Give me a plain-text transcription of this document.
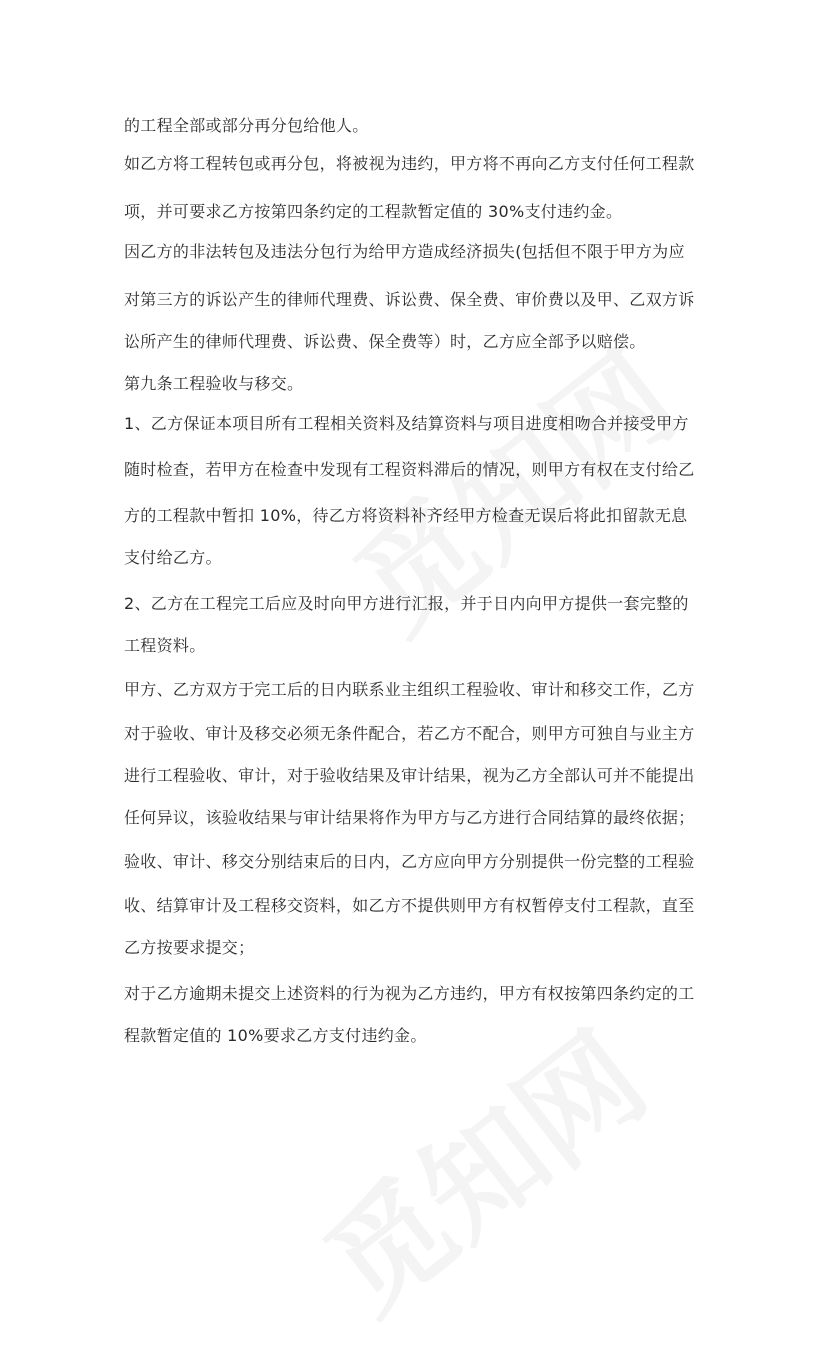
的工程全部或部分再分包给他人。
如乙方将工程转包或再分包，将被视为违约，甲方将不再向乙方支付任何工程款
项，并可要求乙方按第四条约定的工程款暂定值的 30%支付违约金。
因乙方的非法转包及违法分包行为给甲方造成经济损失(包括但不限于甲方为应
对第三方的诉讼产生的律师代理费、诉讼费、保全费、审价费以及甲、乙双方诉
讼所产生的律师代理费、诉讼费、保全费等）时，乙方应全部予以赔偿。
第九条工程验收与移交。
1、乙方保证本项目所有工程相关资料及结算资料与项目进度相吻合并接受甲方
随时检查，若甲方在检查中发现有工程资料滞后的情况，则甲方有权在支付给乙
方的工程款中暂扣 10%，待乙方将资料补齐经甲方检查无误后将此扣留款无息
支付给乙方。
2、乙方在工程完工后应及时向甲方进行汇报，并于日内向甲方提供一套完整的
工程资料。
甲方、乙方双方于完工后的日内联系业主组织工程验收、审计和移交工作，乙方
对于验收、审计及移交必须无条件配合，若乙方不配合，则甲方可独自与业主方
进行工程验收、审计，对于验收结果及审计结果，视为乙方全部认可并不能提出
任何异议，该验收结果与审计结果将作为甲方与乙方进行合同结算的最终依据；
验收、审计、移交分别结束后的日内，乙方应向甲方分别提供一份完整的工程验
收、结算审计及工程移交资料，如乙方不提供则甲方有权暂停支付工程款，直至
乙方按要求提交；
对于乙方逾期未提交上述资料的行为视为乙方违约，甲方有权按第四条约定的工
程款暂定值的 10%要求乙方支付违约金。
